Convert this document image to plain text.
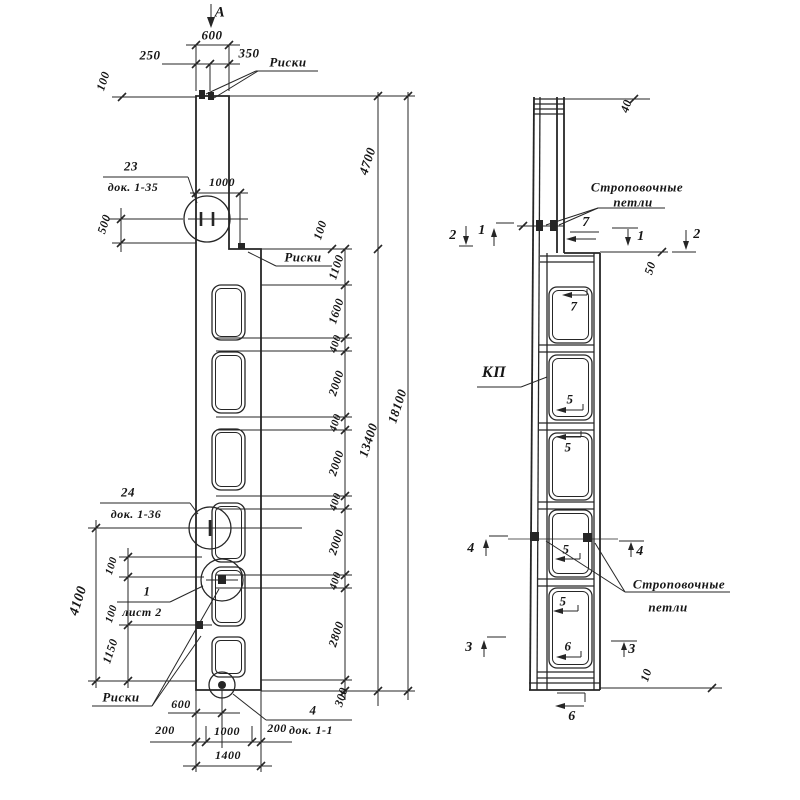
А
600
250	350
Риски
100
23
док. 1-35
500
1000
100
Риски 1100
1600
400
2000
400
2000
400
2000
400
2800
300
4700
13400
18100
24
док. 1-36
4100
100
100
1150
1
лист 2
Риски	600
200	1000 200
1400
4
док. 1-1
40
Строповочные
петли
2 1
7
1	2
50
КП
7
5
5
5
5
6
4	4
Строповочные
петли
3	3
10
6
